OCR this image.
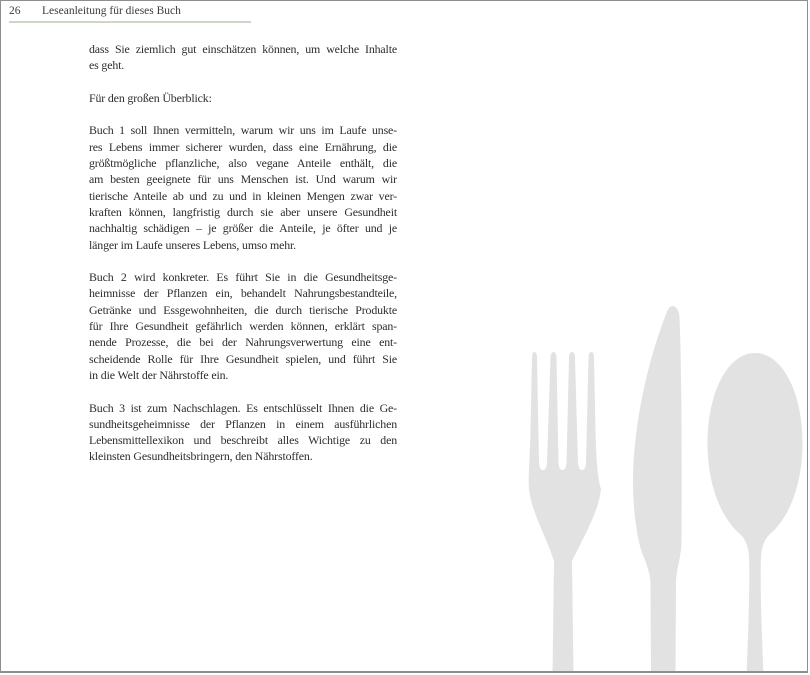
26	Leseanleitung für dieses Buch
dass Sie ziemlich gut einschätzen können, um welche Inhalte
es geht.
Für den großen Überblick:
Buch 1 soll Ihnen vermitteln, warum wir uns im Laufe unse-
res Lebens immer sicherer wurden, dass eine Ernährung, die
größtmögliche pflanzliche, also vegane Anteile enthält, die
am besten geeignete für uns Menschen ist. Und warum wir
tierische Anteile ab und zu und in kleinen Mengen zwar ver-
kraften können, langfristig durch sie aber unsere Gesundheit
nachhaltig schädigen – je größer die Anteile, je öfter und je
länger im Laufe unseres Lebens, umso mehr.
Buch 2 wird konkreter. Es führt Sie in die Gesundheitsge-
heimnisse der Pflanzen ein, behandelt Nahrungsbestandteile,
Getränke und Essgewohnheiten, die durch tierische Produkte
für Ihre Gesundheit gefährlich werden können, erklärt span-
nende Prozesse, die bei der Nahrungsverwertung eine ent-
scheidende Rolle für Ihre Gesundheit spielen, und führt Sie
in die Welt der Nährstoffe ein.
Buch 3 ist zum Nachschlagen. Es entschlüsselt Ihnen die Ge-
sundheitsgeheimnisse der Pflanzen in einem ausführlichen
Lebensmittellexikon und beschreibt alles Wichtige zu den
kleinsten Gesundheitsbringern, den Nährstoffen.
